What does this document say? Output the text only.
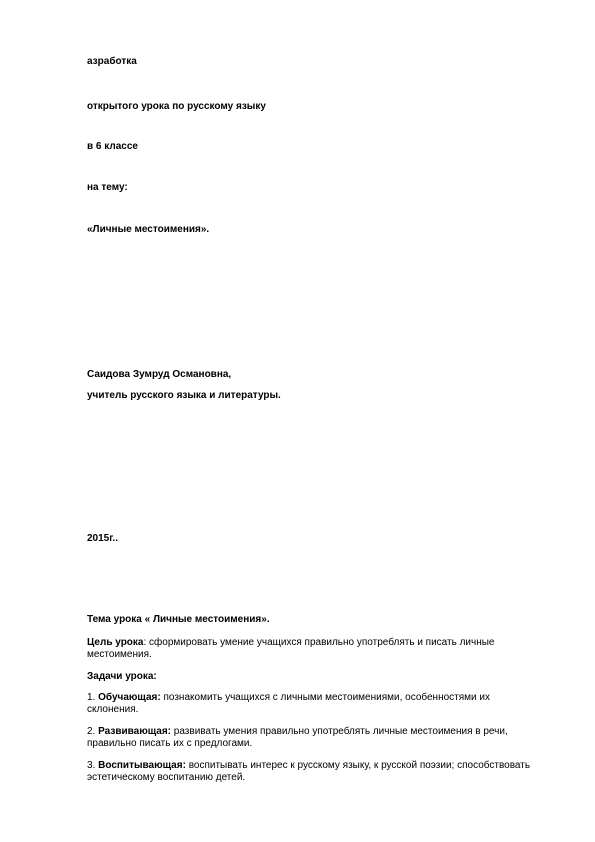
азработка
открытого урока по русскому языку
в 6 классе
на тему:
«Личные местоимения».
Саидова Зумруд Османовна,
учитель русского языка и литературы.
2015г..
Тема урока « Личные местоимения».
Цель урока: сформировать умение учащихся правильно употреблять и писать личные местоимения.
Задачи урока:
1. Обучающая: познакомить учащихся с личными местоимениями, особенностями их склонения.
2. Развивающая: развивать умения правильно употреблять личные местоимения в речи, правильно писать их с предлогами.
3. Воспитывающая: воспитывать интерес к русскому языку, к русской поэзии; способствовать эстетическому воспитанию детей.
